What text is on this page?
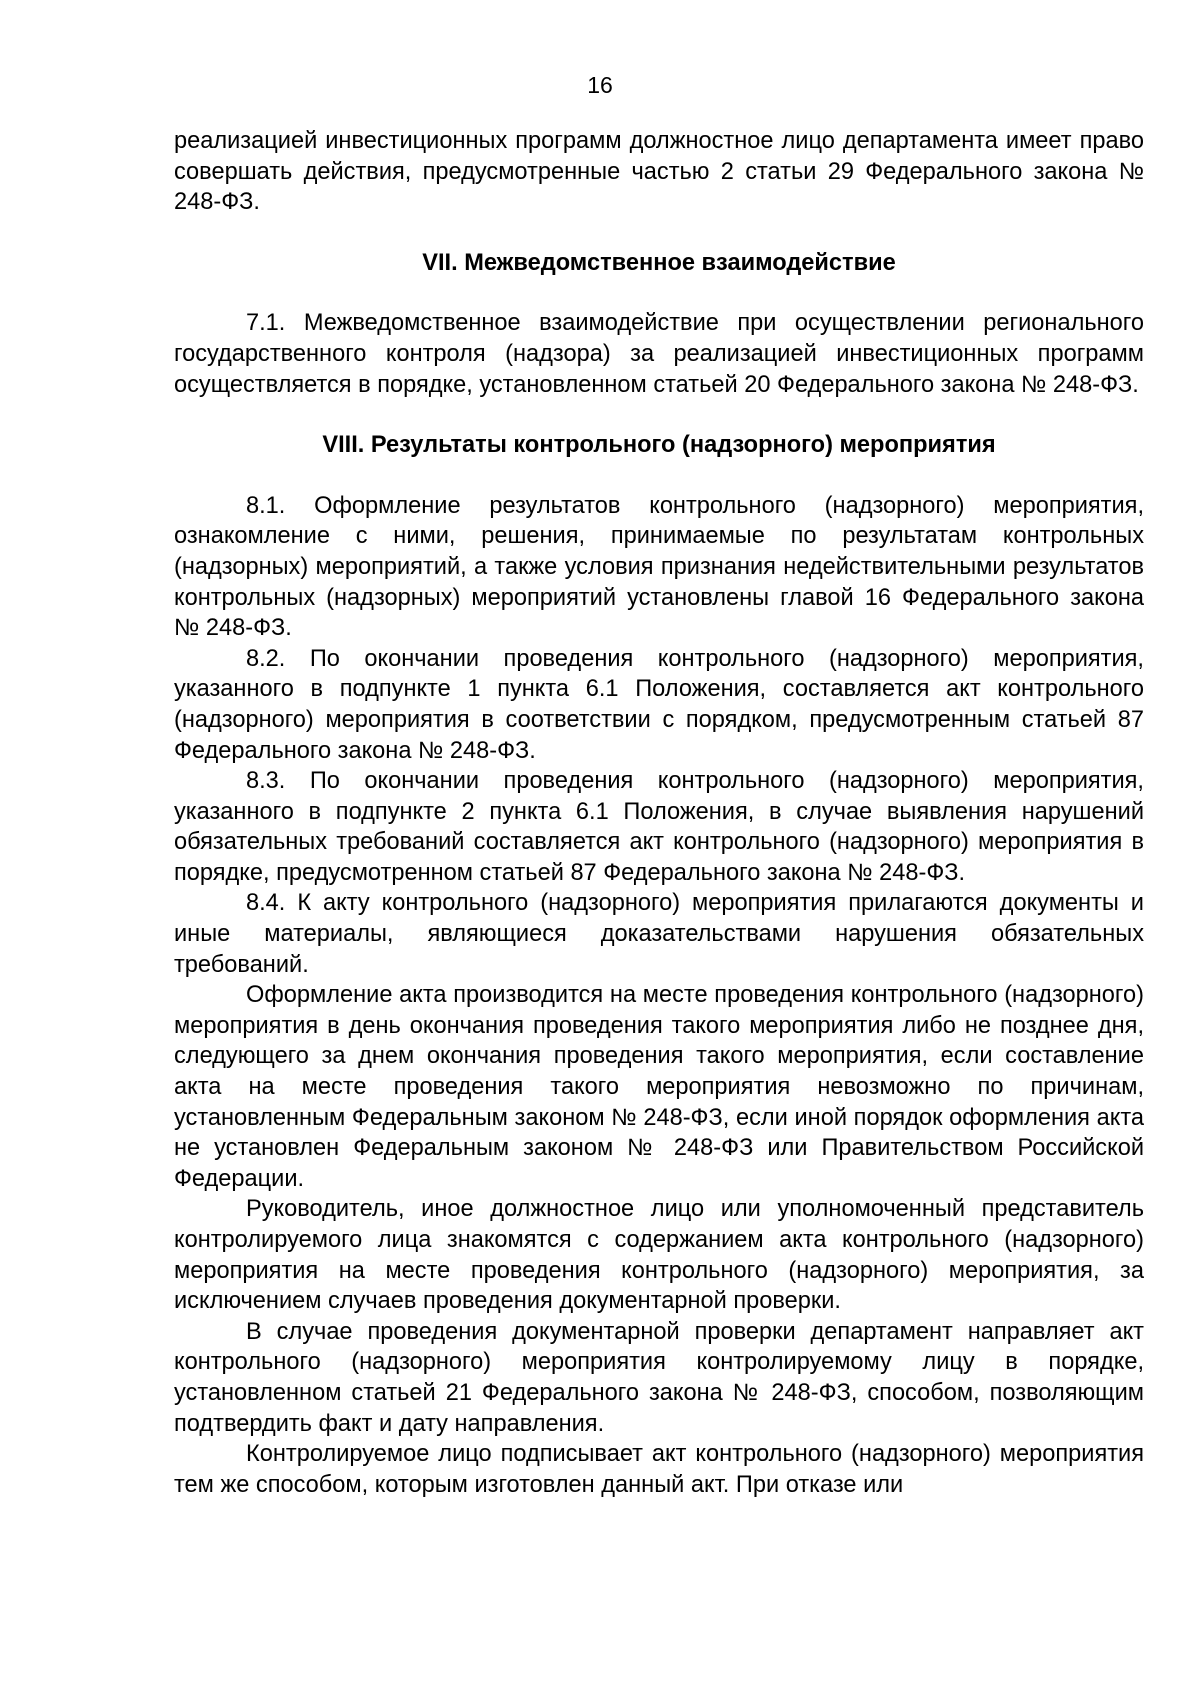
16

реализацией инвестиционных программ должностное лицо департамента имеет право совершать действия, предусмотренные частью 2 статьи 29 Федерального закона № 248-ФЗ.

VII. Межведомственное взаимодействие

7.1. Межведомственное взаимодействие при осуществлении регионального государственного контроля (надзора) за реализацией инвестиционных программ осуществляется в порядке, установленном статьей 20 Федерального закона № 248-ФЗ.

VIII. Результаты контрольного (надзорного) мероприятия

8.1. Оформление результатов контрольного (надзорного) мероприятия, ознакомление с ними, решения, принимаемые по результатам контрольных (надзорных) мероприятий, а также условия признания недействительными результатов контрольных (надзорных) мероприятий установлены главой 16 Федерального закона № 248-ФЗ.

8.2. По окончании проведения контрольного (надзорного) мероприятия, указанного в подпункте 1 пункта 6.1 Положения, составляется акт контрольного (надзорного) мероприятия в соответствии с порядком, предусмотренным статьей 87 Федерального закона № 248-ФЗ.

8.3. По окончании проведения контрольного (надзорного) мероприятия, указанного в подпункте 2 пункта 6.1 Положения, в случае выявления нарушений обязательных требований составляется акт контрольного (надзорного) мероприятия в порядке, предусмотренном статьей 87 Федерального закона № 248-ФЗ.

8.4. К акту контрольного (надзорного) мероприятия прилагаются документы и иные материалы, являющиеся доказательствами нарушения обязательных требований.

Оформление акта производится на месте проведения контрольного (надзорного) мероприятия в день окончания проведения такого мероприятия либо не позднее дня, следующего за днем окончания проведения такого мероприятия, если составление акта на месте проведения такого мероприятия невозможно по причинам, установленным Федеральным законом № 248-ФЗ, если иной порядок оформления акта не установлен Федеральным законом № 248-ФЗ или Правительством Российской Федерации.

Руководитель, иное должностное лицо или уполномоченный представитель контролируемого лица знакомятся с содержанием акта контрольного (надзорного) мероприятия на месте проведения контрольного (надзорного) мероприятия, за исключением случаев проведения документарной проверки.

В случае проведения документарной проверки департамент направляет акт контрольного (надзорного) мероприятия контролируемому лицу в порядке, установленном статьей 21 Федерального закона № 248-ФЗ, способом, позволяющим подтвердить факт и дату направления.

Контролируемое лицо подписывает акт контрольного (надзорного) мероприятия тем же способом, которым изготовлен данный акт. При отказе или
